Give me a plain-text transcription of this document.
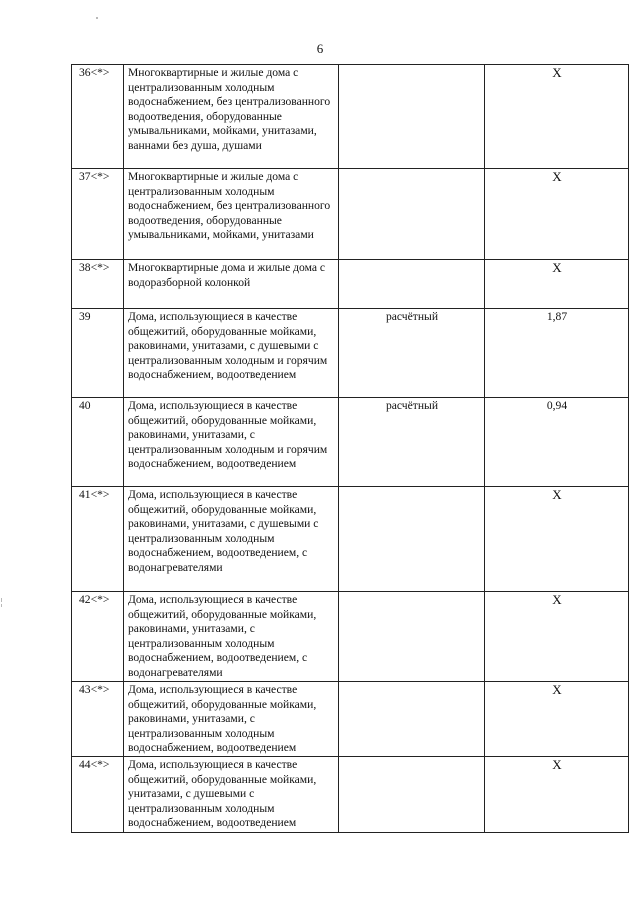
6
36<*>	Многоквартирные и жилые дома с централизованным холодным водоснабжением, без централизованного водоотведения, оборудованные умывальниками, мойками, унитазами, ваннами без душа, душами		X
37<*>	Многоквартирные и жилые дома с централизованным холодным водоснабжением, без централизованного водоотведения, оборудованные умывальниками, мойками, унитазами		X
38<*>	Многоквартирные дома и жилые дома с водоразборной колонкой		X
39	Дома, использующиеся в качестве общежитий, оборудованные мойками, раковинами, унитазами, с душевыми с централизованным холодным и горячим водоснабжением, водоотведением	расчётный	1,87
40	Дома, использующиеся в качестве общежитий, оборудованные мойками, раковинами, унитазами, с централизованным холодным и горячим водоснабжением, водоотведением	расчётный	0,94
41<*>	Дома, использующиеся в качестве общежитий, оборудованные мойками, раковинами, унитазами, с душевыми с централизованным холодным водоснабжением, водоотведением, с водонагревателями		X
42<*>	Дома, использующиеся в качестве общежитий, оборудованные мойками, раковинами, унитазами, с централизованным холодным водоснабжением, водоотведением, с водонагревателями		X
43<*>	Дома, использующиеся в качестве общежитий, оборудованные мойками, раковинами, унитазами, с централизованным холодным водоснабжением, водоотведением		X
44<*>	Дома, использующиеся в качестве общежитий, оборудованные мойками, унитазами, с душевыми с централизованным холодным водоснабжением, водоотведением		X
